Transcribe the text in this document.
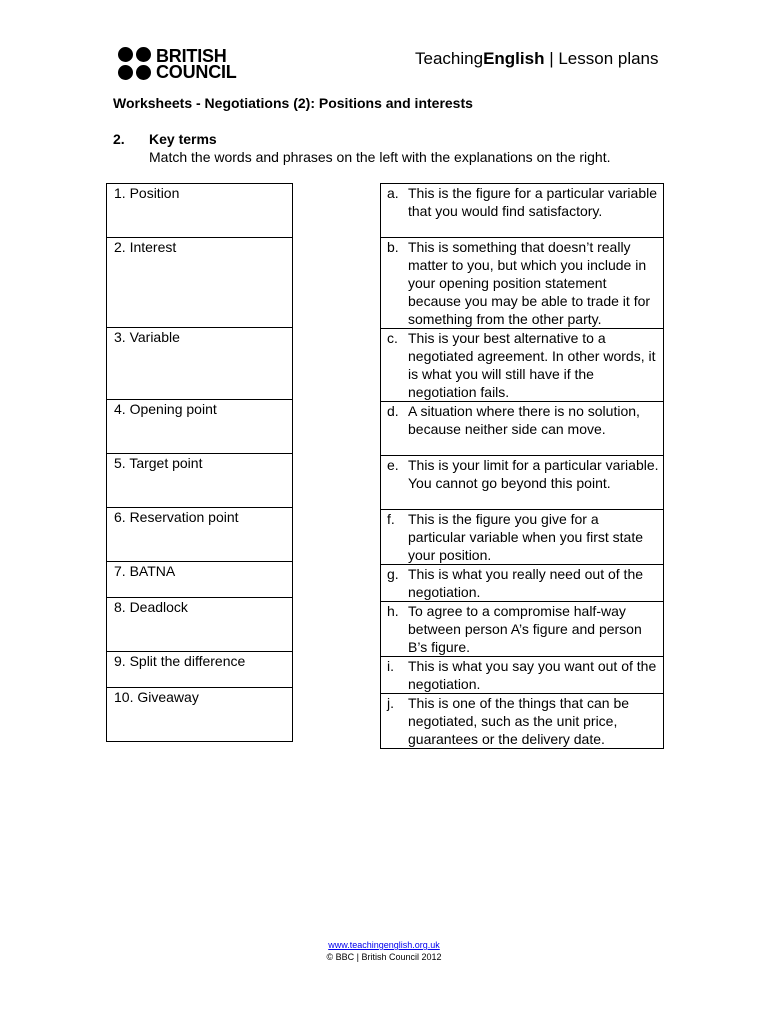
BRITISH
COUNCIL
TeachingEnglish | Lesson plans
Worksheets - Negotiations (2): Positions and interests
2. Key terms
Match the words and phrases on the left with the explanations on the right.
1. Position
2. Interest
3. Variable
4. Opening point
5. Target point
6. Reservation point
7. BATNA
8. Deadlock
9. Split the difference
10. Giveaway
a. This is the figure for a particular variable that you would find satisfactory.

b. This is something that doesn’t really matter to you, but which you include in your opening position statement because you may be able to trade it for something from the other party.

c. This is your best alternative to a negotiated agreement. In other words, it is what you will still have if the negotiation fails.

d. A situation where there is no solution, because neither side can move.

e. This is your limit for a particular variable. You cannot go beyond this point.

f. This is the figure you give for a particular variable when you first state your position.

g. This is what you really need out of the negotiation.

h. To agree to a compromise half-way between person A’s figure and person B’s figure.

i.	This is what you say you want out of the negotiation.

j.	This is one of the things that can be negotiated, such as the unit price, guarantees or the delivery date.
www.teachingenglish.org.uk
© BBC | British Council 2012
